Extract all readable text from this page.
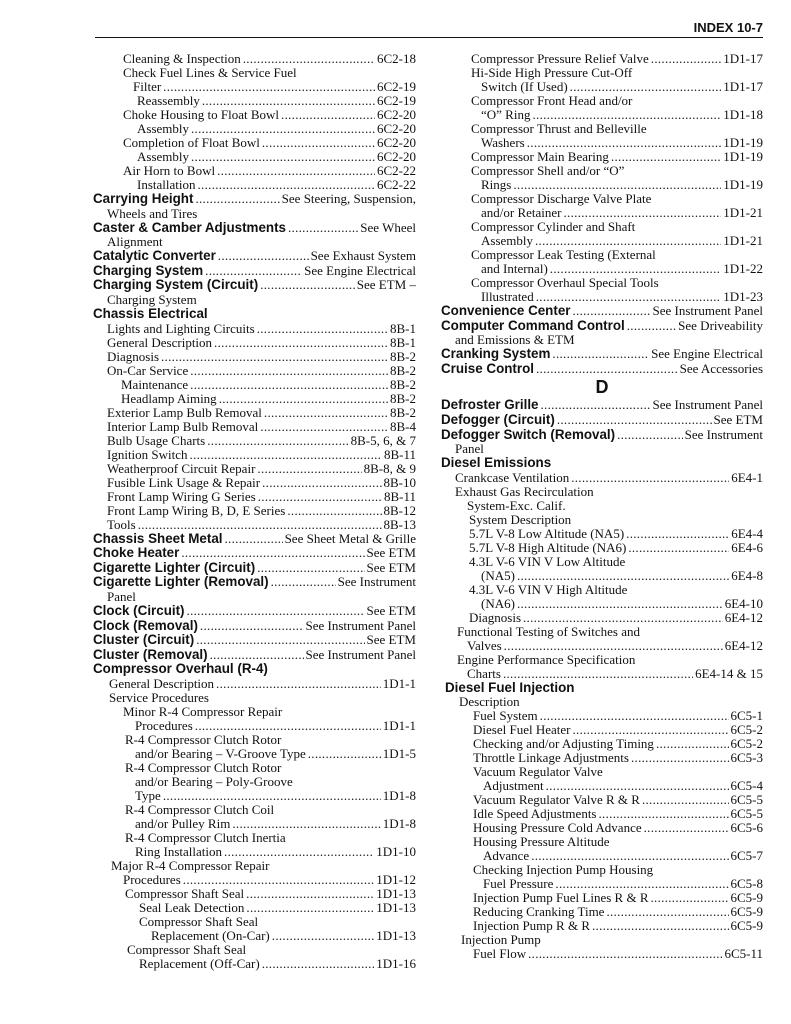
INDEX 10-7
Cleaning & Inspection .....	6C2-18
Check Fuel Lines & Service Fuel
Filter .....	6C2-19
Reassembly .....	6C2-19
Choke Housing to Float Bowl .....	6C2-20
Assembly .....	6C2-20
Completion of Float Bowl .....	6C2-20
Assembly .....	6C2-20
Air Horn to Bowl .....	6C2-22
Installation .....	6C2-22
Carrying Height .....	See Steering, Suspension,
Wheels and Tires
Caster & Camber Adjustments .....	See Wheel
Alignment
Catalytic Converter .....	See Exhaust System
Charging System .....	See Engine Electrical
Charging System (Circuit) .....	See ETM –
Charging System
Chassis Electrical
Lights and Lighting Circuits .....	8B-1
General Description .....	8B-1
Diagnosis .....	8B-2
On-Car Service .....	8B-2
Maintenance .....	8B-2
Headlamp Aiming .....	8B-2
Exterior Lamp Bulb Removal .....	8B-2
Interior Lamp Bulb Removal .....	8B-4
Bulb Usage Charts .....	8B-5, 6, & 7
Ignition Switch .....	8B-11
Weatherproof Circuit Repair .....	8B-8, & 9
Fusible Link Usage & Repair .....	8B-10
Front Lamp Wiring G Series .....	8B-11
Front Lamp Wiring B, D, E Series .....	8B-12
Tools .....	8B-13
Chassis Sheet Metal .....	See Sheet Metal & Grille
Choke Heater .....	See ETM
Cigarette Lighter (Circuit) .....	See ETM
Cigarette Lighter (Removal) .....	See Instrument
Panel
Clock (Circuit) .....	See ETM
Clock (Removal) .....	See Instrument Panel
Cluster (Circuit) .....	See ETM
Cluster (Removal) .....	See Instrument Panel
Compressor Overhaul (R-4)
General Description .....	1D1-1
Service Procedures
Minor R-4 Compressor Repair
Procedures .....	1D1-1
R-4 Compressor Clutch Rotor
and/or Bearing – V-Groove Type .....	1D1-5
R-4 Compressor Clutch Rotor
and/or Bearing – Poly-Groove
Type .....	1D1-8
R-4 Compressor Clutch Coil
and/or Pulley Rim .....	1D1-8
R-4 Compressor Clutch Inertia
Ring Installation .....	1D1-10
Major R-4 Compressor Repair
Procedures .....	1D1-12
Compressor Shaft Seal .....	1D1-13
Seal Leak Detection .....	1D1-13
Compressor Shaft Seal
Replacement (On-Car) .....	1D1-13
Compressor Shaft Seal
Replacement (Off-Car) .....	1D1-16
Compressor Pressure Relief Valve .....	1D1-17
Hi-Side High Pressure Cut-Off
Switch (If Used) .....	1D1-17
Compressor Front Head and/or
“O” Ring .....	1D1-18
Compressor Thrust and Belleville
Washers .....	1D1-19
Compressor Main Bearing .....	1D1-19
Compressor Shell and/or “O”
Rings .....	1D1-19
Compressor Discharge Valve Plate
and/or Retainer .....	1D1-21
Compressor Cylinder and Shaft
Assembly .....	1D1-21
Compressor Leak Testing (External
and Internal) .....	1D1-22
Compressor Overhaul Special Tools
Illustrated .....	1D1-23
Convenience Center .....	See Instrument Panel
Computer Command Control .....	See Driveability
and Emissions & ETM
Cranking System .....	See Engine Electrical
Cruise Control .....	See Accessories
D
Defroster Grille .....	See Instrument Panel
Defogger (Circuit) .....	See ETM
Defogger Switch (Removal) .....	See Instrument
Panel
Diesel Emissions
Crankcase Ventilation .....	6E4-1
Exhaust Gas Recirculation
System-Exc. Calif.
System Description
5.7L V-8 Low Altitude (NA5) .....	6E4-4
5.7L V-8 High Altitude (NA6) .....	6E4-6
4.3L V-6 VIN V Low Altitude
(NA5) .....	6E4-8
4.3L V-6 VIN V High Altitude
(NA6) .....	6E4-10
Diagnosis .....	6E4-12
Functional Testing of Switches and
Valves .....	6E4-12
Engine Performance Specification
Charts .....	6E4-14 & 15
Diesel Fuel Injection
Description
Fuel System .....	6C5-1
Diesel Fuel Heater .....	6C5-2
Checking and/or Adjusting Timing .....	6C5-2
Throttle Linkage Adjustments .....	6C5-3
Vacuum Regulator Valve
Adjustment .....	6C5-4
Vacuum Regulator Valve R & R .....	6C5-5
Idle Speed Adjustments .....	6C5-5
Housing Pressure Cold Advance .....	6C5-6
Housing Pressure Altitude
Advance .....	6C5-7
Checking Injection Pump Housing
Fuel Pressure .....	6C5-8
Injection Pump Fuel Lines R & R .....	6C5-9
Reducing Cranking Time .....	6C5-9
Injection Pump R & R .....	6C5-9
Injection Pump
Fuel Flow .....	6C5-11
